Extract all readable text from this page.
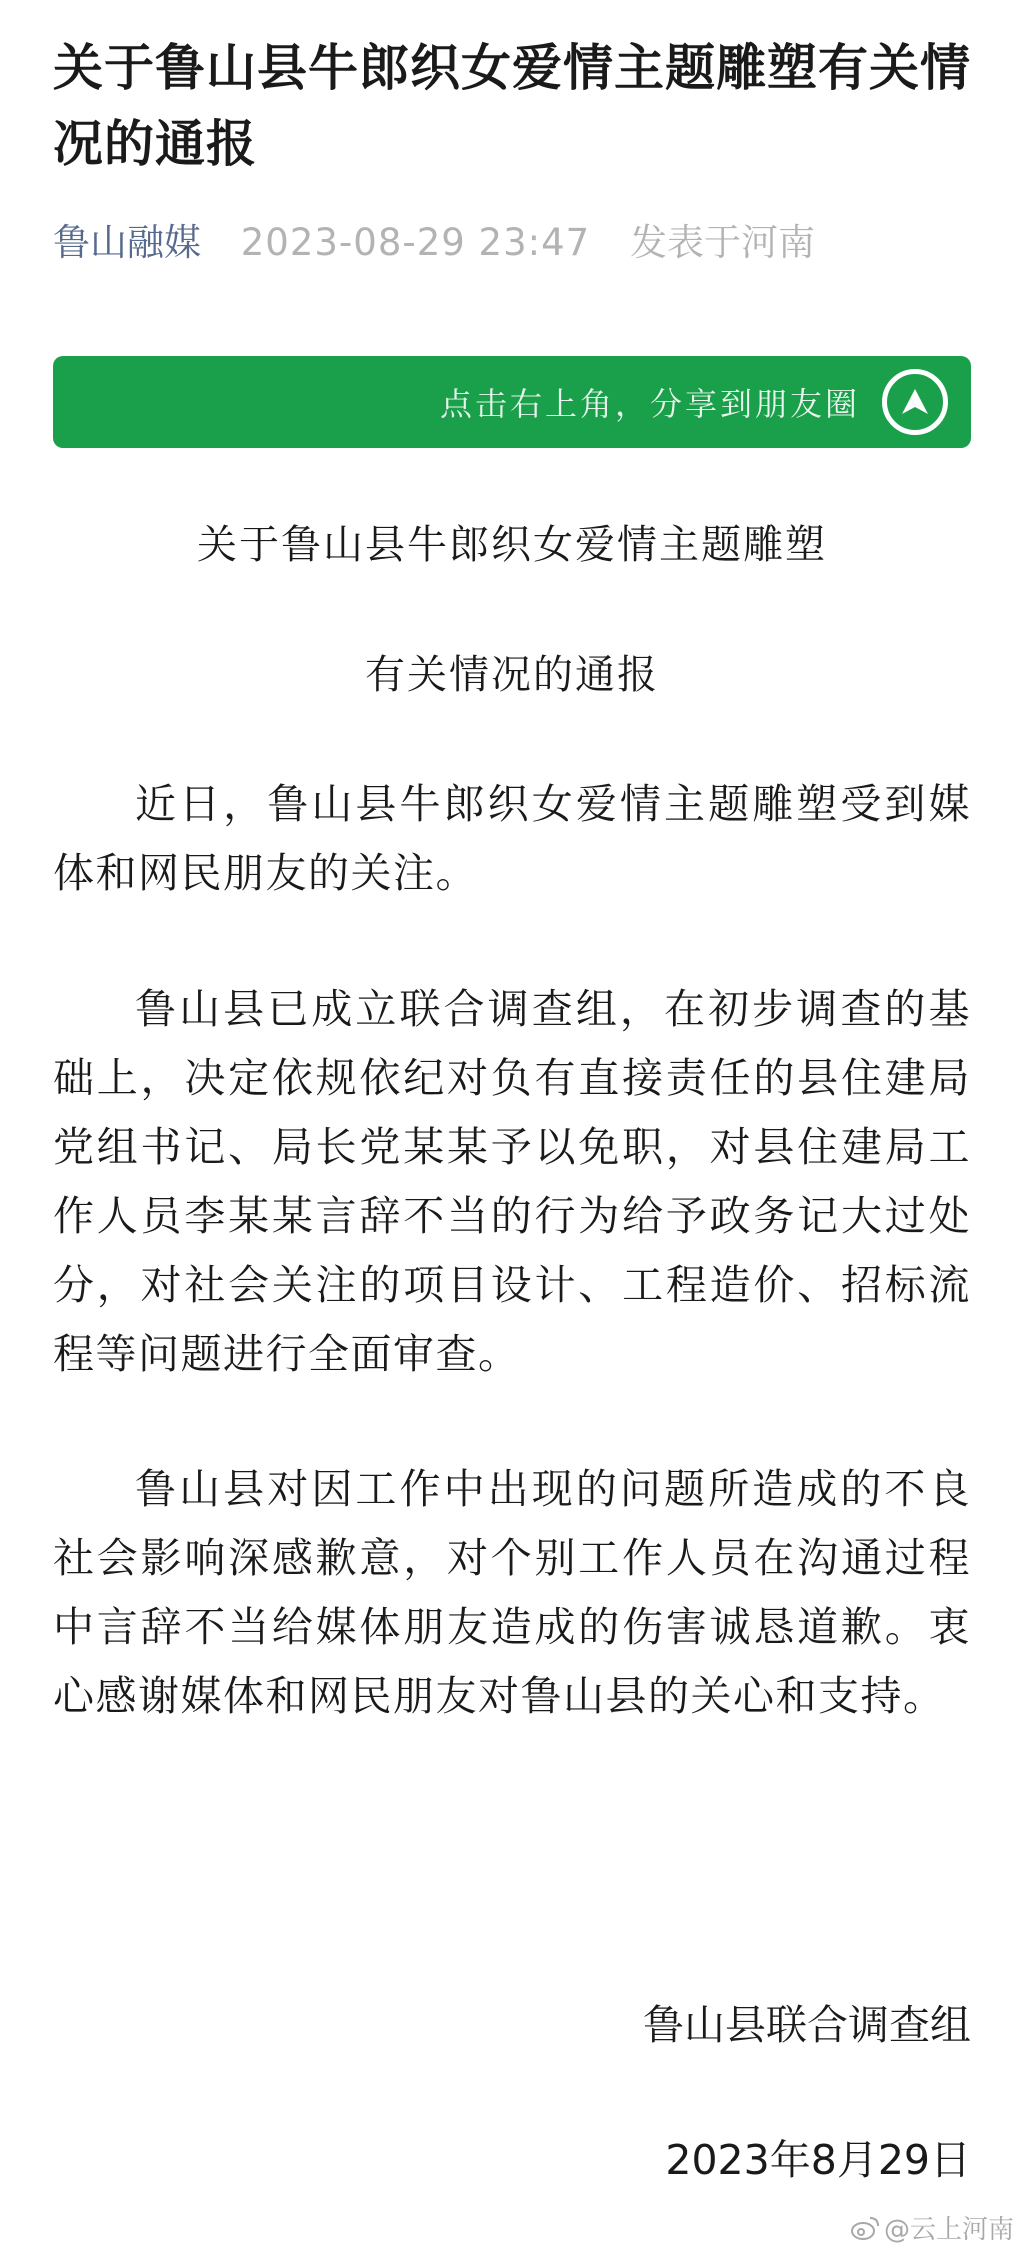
关于鲁山县牛郎织女爱情主题雕塑有关情况的通报
鲁山融媒 2023-08-29 23:47 发表于河南
点击右上角，分享到朋友圈
关于鲁山县牛郎织女爱情主题雕塑
有关情况的通报

近日，鲁山县牛郎织女爱情主题雕塑受到媒体和网民朋友的关注。

鲁山县已成立联合调查组，在初步调查的基础上，决定依规依纪对负有直接责任的县住建局党组书记、局长党某某予以免职，对县住建局工作人员李某某言辞不当的行为给予政务记大过处分，对社会关注的项目设计、工程造价、招标流程等问题进行全面审查。

鲁山县对因工作中出现的问题所造成的不良社会影响深感歉意，对个别工作人员在沟通过程中言辞不当给媒体朋友造成的伤害诚恳道歉。衷心感谢媒体和网民朋友对鲁山县的关心和支持。

鲁山县联合调查组
2023年8月29日
@云上河南
